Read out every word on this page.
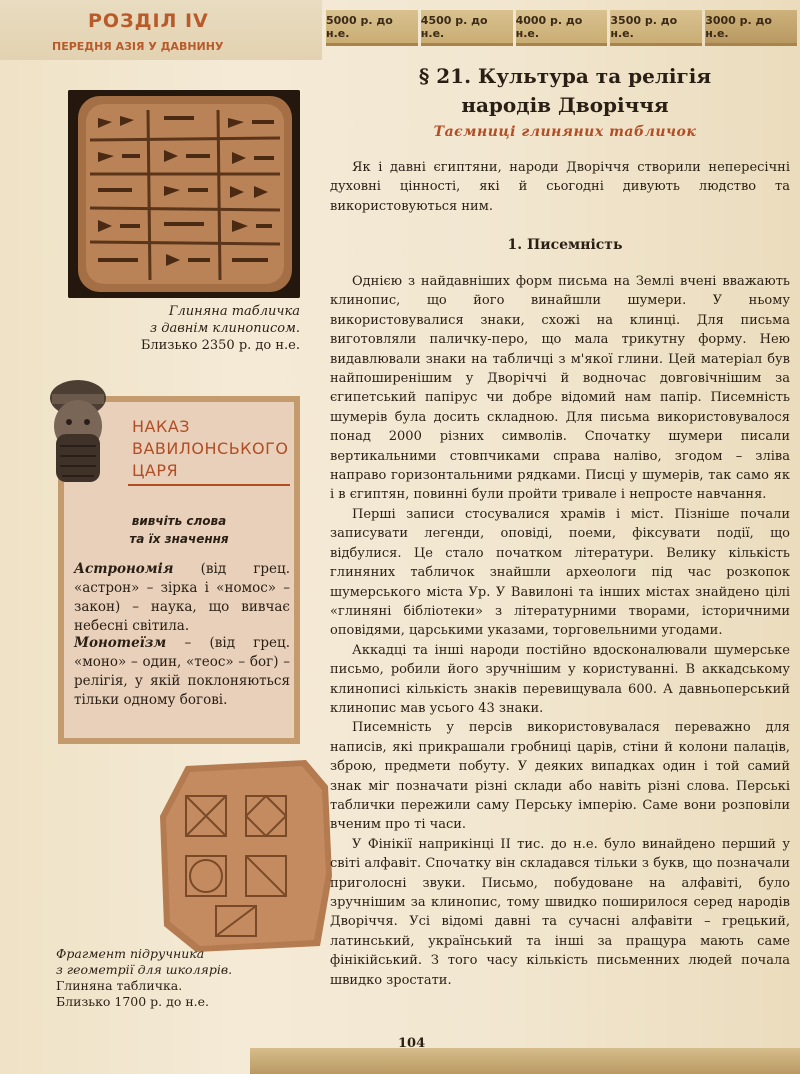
РОЗДІЛ IV
ПЕРЕДНЯ АЗІЯ У ДАВНИНУ
5000 р. до н.е.
4500 р. до н.е.
4000 р. до н.е.
3500 р. до н.е.
3000 р. до н.е.
Глиняна табличка
з давнім клинописом.
Близько 2350 р. до н.е.
НАКАЗ
ВАВИЛОНСЬКОГО
ЦАРЯ
вивчіть слова
та їх значення
Астрономія (від грец. «астрон» – зірка і «номос» – закон) – наука, що вивчає небесні світила.
Монотеїзм – (від грец. «моно» – один, «теос» – бог) – релігія, у якій поклоняються тільки одному богові.
Фрагмент підручника
з геометрії для школярів.
Глиняна табличка.
Близько 1700 р. до н.е.
§ 21. Культура та релігія
народів Дворіччя
Таємниці глиняних табличок

Як і давні єгиптяни, народи Дворіччя створили непересічні духовні цінності, які й сьогодні дивують людство та використовуються ним.

1. Писемність

Однією з найдавніших форм письма на Землі вчені вважають клинопис, що його винайшли шумери. У ньому використовувалися знаки, схожі на клинці. Для письма виготовляли паличку-перо, що мала трикутну форму. Нею видавлювали знаки на табличці з м'якої глини. Цей матеріал був найпоширенішим у Дворіччі й водночас довговічнішим за єгипетський папірус чи добре відомий нам папір. Писемність шумерів була досить складною. Для письма використовувалося понад 2000 різних символів. Спочатку шумери писали вертикальними стовпчиками справа наліво, згодом – зліва направо горизонтальними рядками. Писці у шумерів, так само як і в єгиптян, повинні були пройти тривале і непросте навчання.

Перші записи стосувалися храмів і міст. Пізніше почали записувати легенди, оповіді, поеми, фіксувати події, що відбулися. Це стало початком літератури. Велику кількість глиняних табличок знайшли археологи під час розкопок шумерського міста Ур. У Вавилоні та інших містах знайдено цілі «глиняні бібліотеки» з літературними творами, історичними оповідями, царськими указами, торговельними угодами.

Аккадці та інші народи постійно вдосконалювали шумерське письмо, робили його зручнішим у користуванні. В аккадському клинописі кількість знаків перевищувала 600. А давньоперський клинопис мав усього 43 знаки.

Писемність у персів використовувалася переважно для написів, які прикрашали гробниці царів, стіни й колони палаців, зброю, предмети побуту. У деяких випадках один і той самий знак міг позначати різні склади або навіть різні слова. Перські таблички пережили саму Перську імперію. Саме вони розповіли вченим про ті часи.

У Фінікії наприкінці ІІ тис. до н.е. було винайдено перший у світі алфавіт. Спочатку він складався тільки з букв, що позначали приголосні звуки. Письмо, побудоване на алфавіті, було зручнішим за клинопис, тому швидко поширилося серед народів Дворіччя. Усі відомі давні та сучасні алфавіти – грецький, латинський, український та інші за пращура мають саме фінікійський. З того часу кількість письменних людей почала швидко зростати.

104
